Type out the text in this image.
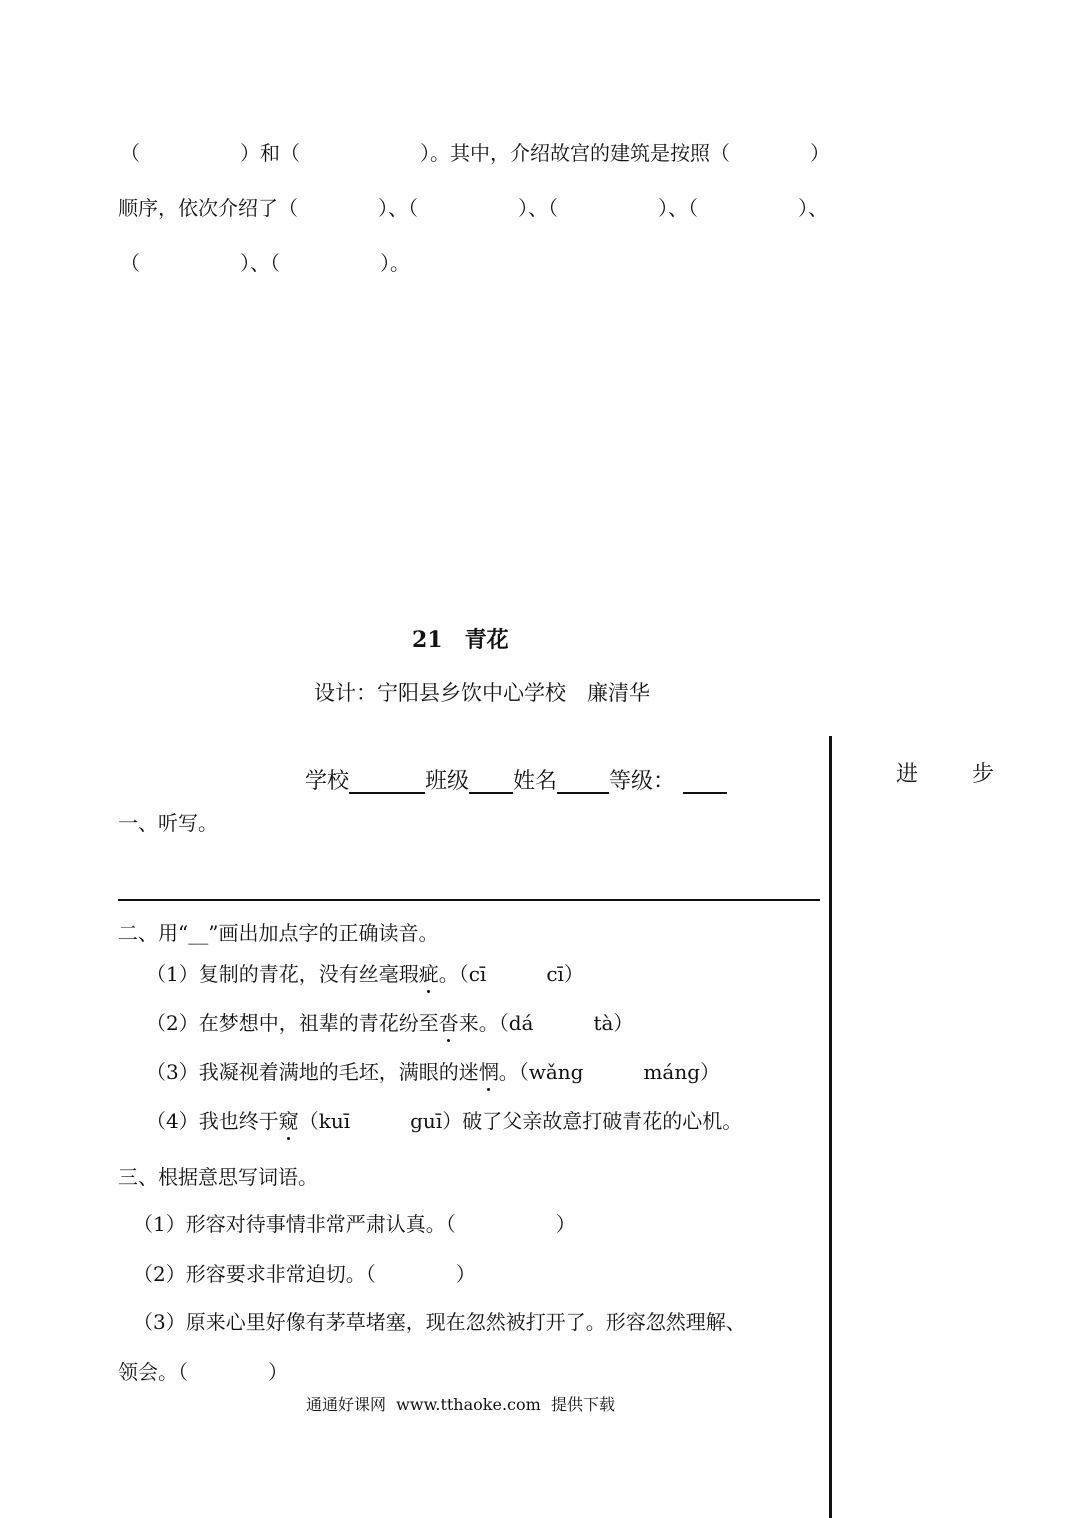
（　　　　　）和（　　　　　　）。其中，介绍故宫的建筑是按照（　　　　）
顺序，依次介绍了（　　　　）、（　　　　　）、（　　　　　）、（　　　　　）、
（　　　　　）、（　　　　　）。
21　青花
设计：宁阳县乡饮中心学校　廉清华

学校	班级 姓名 等级：	进 步
一、听写。
二、用“__”画出加点字的正确读音。
（1）复制的青花，没有丝毫瑕疵。（cī　　　cī）
（2）在梦想中，祖辈的青花纷至沓来。（dá　　　tà）
（3）我凝视着满地的毛坯，满眼的迷惘。（wǎng　　　máng）
（4）我也终于窥（kuī　　　guī）破了父亲故意打破青花的心机。
三、根据意思写词语。
（1）形容对待事情非常严肃认真。（　　　　　）
（2）形容要求非常迫切。（　　　　）
（3）原来心里好像有茅草堵塞，现在忽然被打开了。形容忽然理解、
领会。（　　　　）
通通好课网  www.tthaoke.com  提供下载
